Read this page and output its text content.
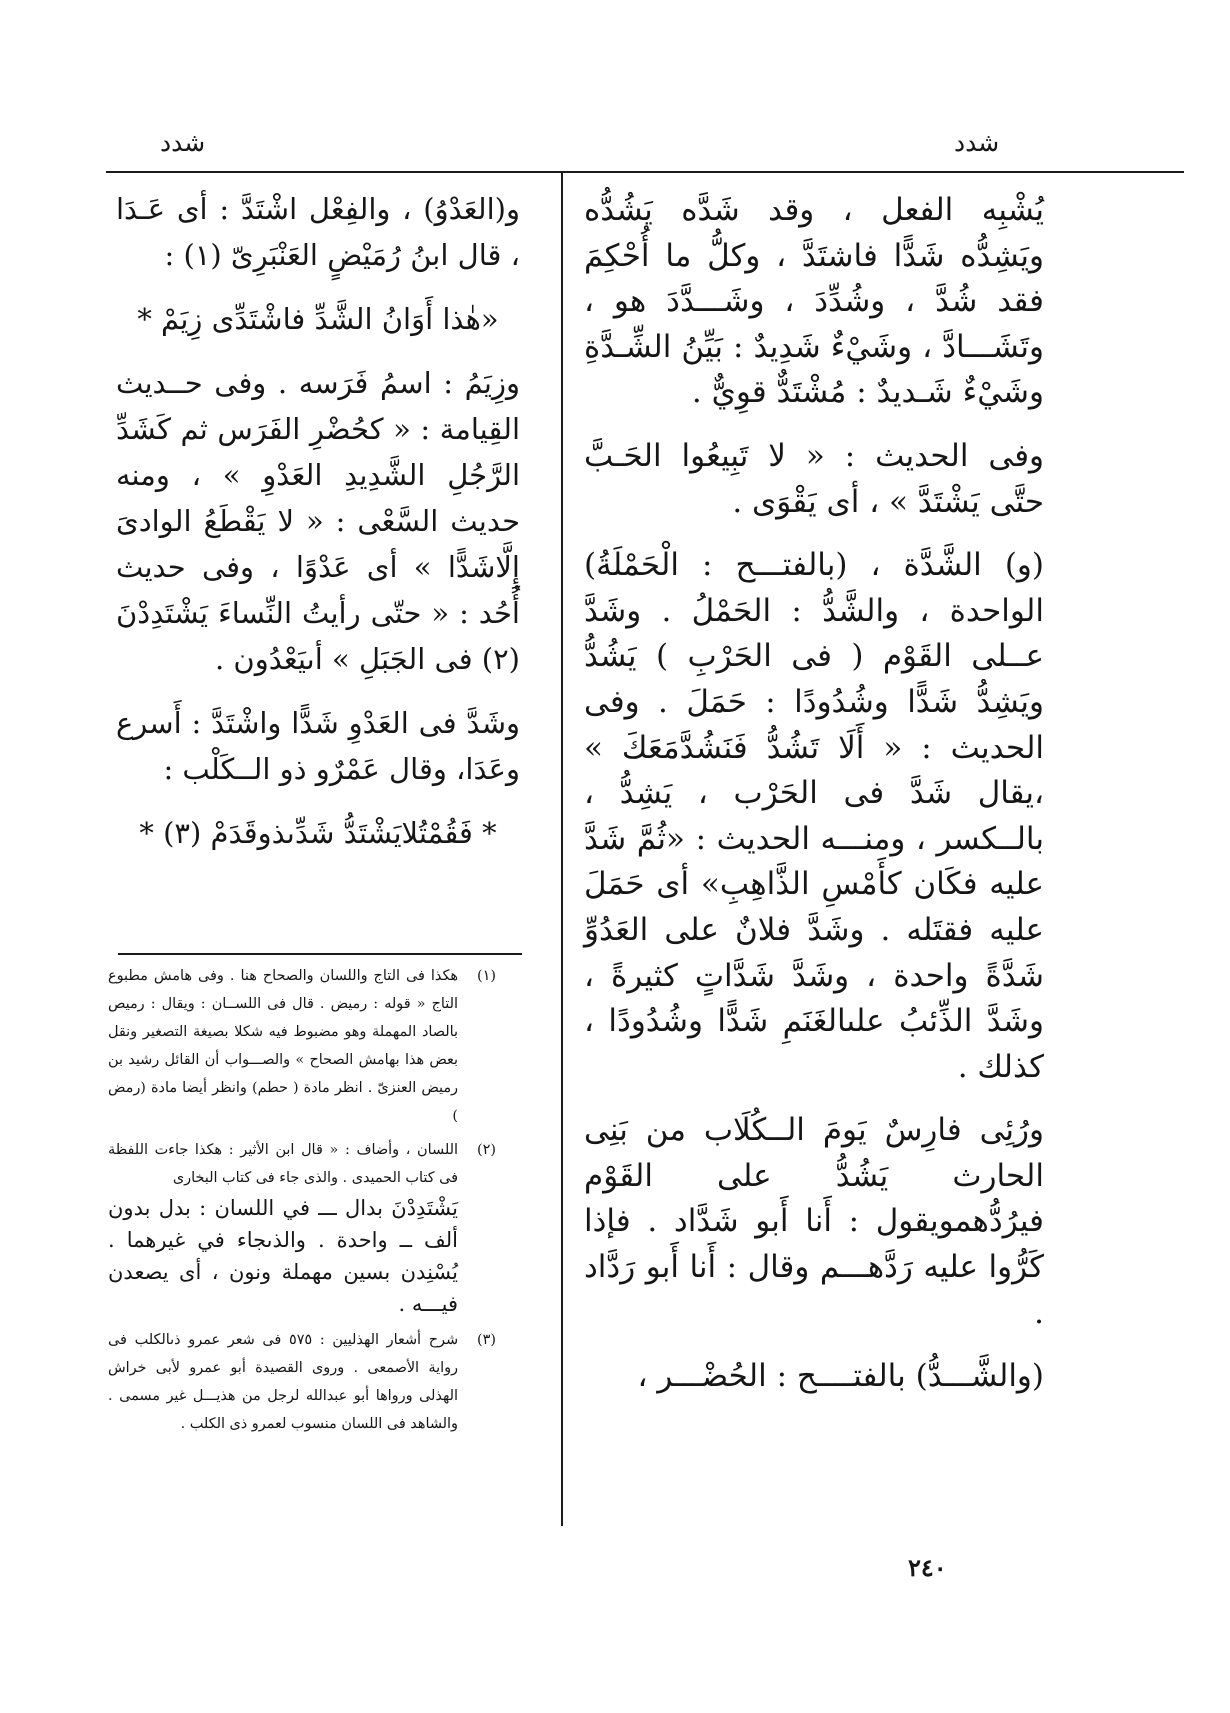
شدد	شدد

يُشْبِه الفعل ، وقد شَدَّه يَشُدُّه ويَشِدُّه شَدًّا فاشتَدَّ ، وكلُّ ما أُحْكِمَ فقد شُدَّ ، وشُدِّدَ ، وشَـــدَّدَ هو ، وتَشَـــادَّ ، وشَيْءٌ شَدِيدٌ : بَيِّنُ الشِّـدَّةِ وشَيْءٌ شَـديدٌ : مُشْتَدٌّ قوِيٌّ .

وفى الحديث : « لا تَبِيعُوا الحَـبَّ حتَّى يَشْتَدَّ » ، أى يَقْوَى .

(و) الشَّدَّة ، (بالفتـــح : الْحَمْلَةُ) الواحدة ، والشَّدُّ : الحَمْلُ . وشَدَّ عــلى القَوْم ( فى الحَرْبِ ) يَشُدُّ ويَشِدُّ شَدًّا وشُدُودًا : حَمَلَ . وفى الحديث : « أَلَا تَشُدُّ فَنَشُدَّمَعَكَ » ،يقال شَدَّ فى الحَرْب ، يَشِدُّ ، بالــكسر ، ومنـــه الحديث : «ثُمَّ شَدَّ عليه فكَان كأَمْسِ الذَّاهِبِ» أى حَمَلَ عليه فقتَله . وشَدَّ فلانٌ على العَدُوِّ شَدَّةً واحدة ، وشَدَّ شَدَّاتٍ كثيرةً ، وشَدَّ الذِّئبُ علىالغَنَمِ شَدًّا وشُدُودًا ، كذلك .

ورُئِى فارِسٌ يَومَ الــكُلَاب من بَنِى الحارث يَشُدُّ على القَوْم فيرُدُّهمويقول : أَنا أَبو شَدَّاد . فإذا كَرُّوا عليه رَدَّهـــم وقال : أَنا أَبو رَدَّاد .

(والشَّـــدُّ) بالفتــــح : الحُضْـــر ،

و(العَدْوُ) ، والفِعْل اشْتَدَّ : أى عَـدَا ، قال ابنُ رُمَيْضٍ العَنْبَرِىّ (١) :

«هٰذا أَوَانُ الشَّدِّ فاشْتَدِّى زِيَمْ *

وزِيَمُ : اسمُ فَرَسه . وفى حــديث القِيامة : « كحُضْرِ الفَرَس ثم كَشَدِّ الرَّجُلِ الشَّدِيدِ العَدْوِ » ، ومنه حديث السَّعْى : « لا يَقْطَعُ الوادىَ إِلَّاشَدًّا » أى عَدْوًا ، وفى حديث أُحُد : « حتّى رأيتُ النِّساءَ يَشْتَدِدْنَ (٢) فى الجَبَلِ » أىيَعْدُون .

وشَدَّ فى العَدْوِ شَدًّا واشْتَدَّ : أَسرع وعَدَا، وقال عَمْرٌو ذو الــكَلْب :

* فَقُمْتُلايَشْتَدُّ شَدِّىذوقَدَمْ (٣) *

(١)
هكذا فى التاج واللسان والصحاح هنا . وفى هامش مطبوع التاج « قوله : رميض . قال فى اللســان : ويقال : رميص بالصاد المهملة وهو مضبوط فيه شكلا بصيغة التصغير ونقل بعض هذا بهامش الصحاح » والصـــواب أن القائل رشيد بن رميض العنزىّ . انظر مادة ( حطم) وانظر أيضا مادة (رمض )
(٢)
اللسان ، وأضاف : « قال ابن الأثير : هكذا جاءت اللفظة فى كتاب الحميدى . والذى جاء فى كتاب البخارى
يَشْتَدِدْنَ بدال ـــ في اللسان : بدل بدون ألف ــ واحدة . والذىجاء في غيرهما . يُسْنِدن بسين مهملة ونون ، أى يصعدن فيـــه .
(٣)
شرح أشعار الهذليين : ٥٧٥ فى شعر عمرو ذىالكلب فى رواية الأصمعى . وروى القصيدة أبو عمرو لأبى خراش الهذلى ورواها أبو عبدالله لرجل من هذيـــل غير مسمى . والشاهد فى اللسان منسوب لعمرو ذى الكلب .
٢٤٠
